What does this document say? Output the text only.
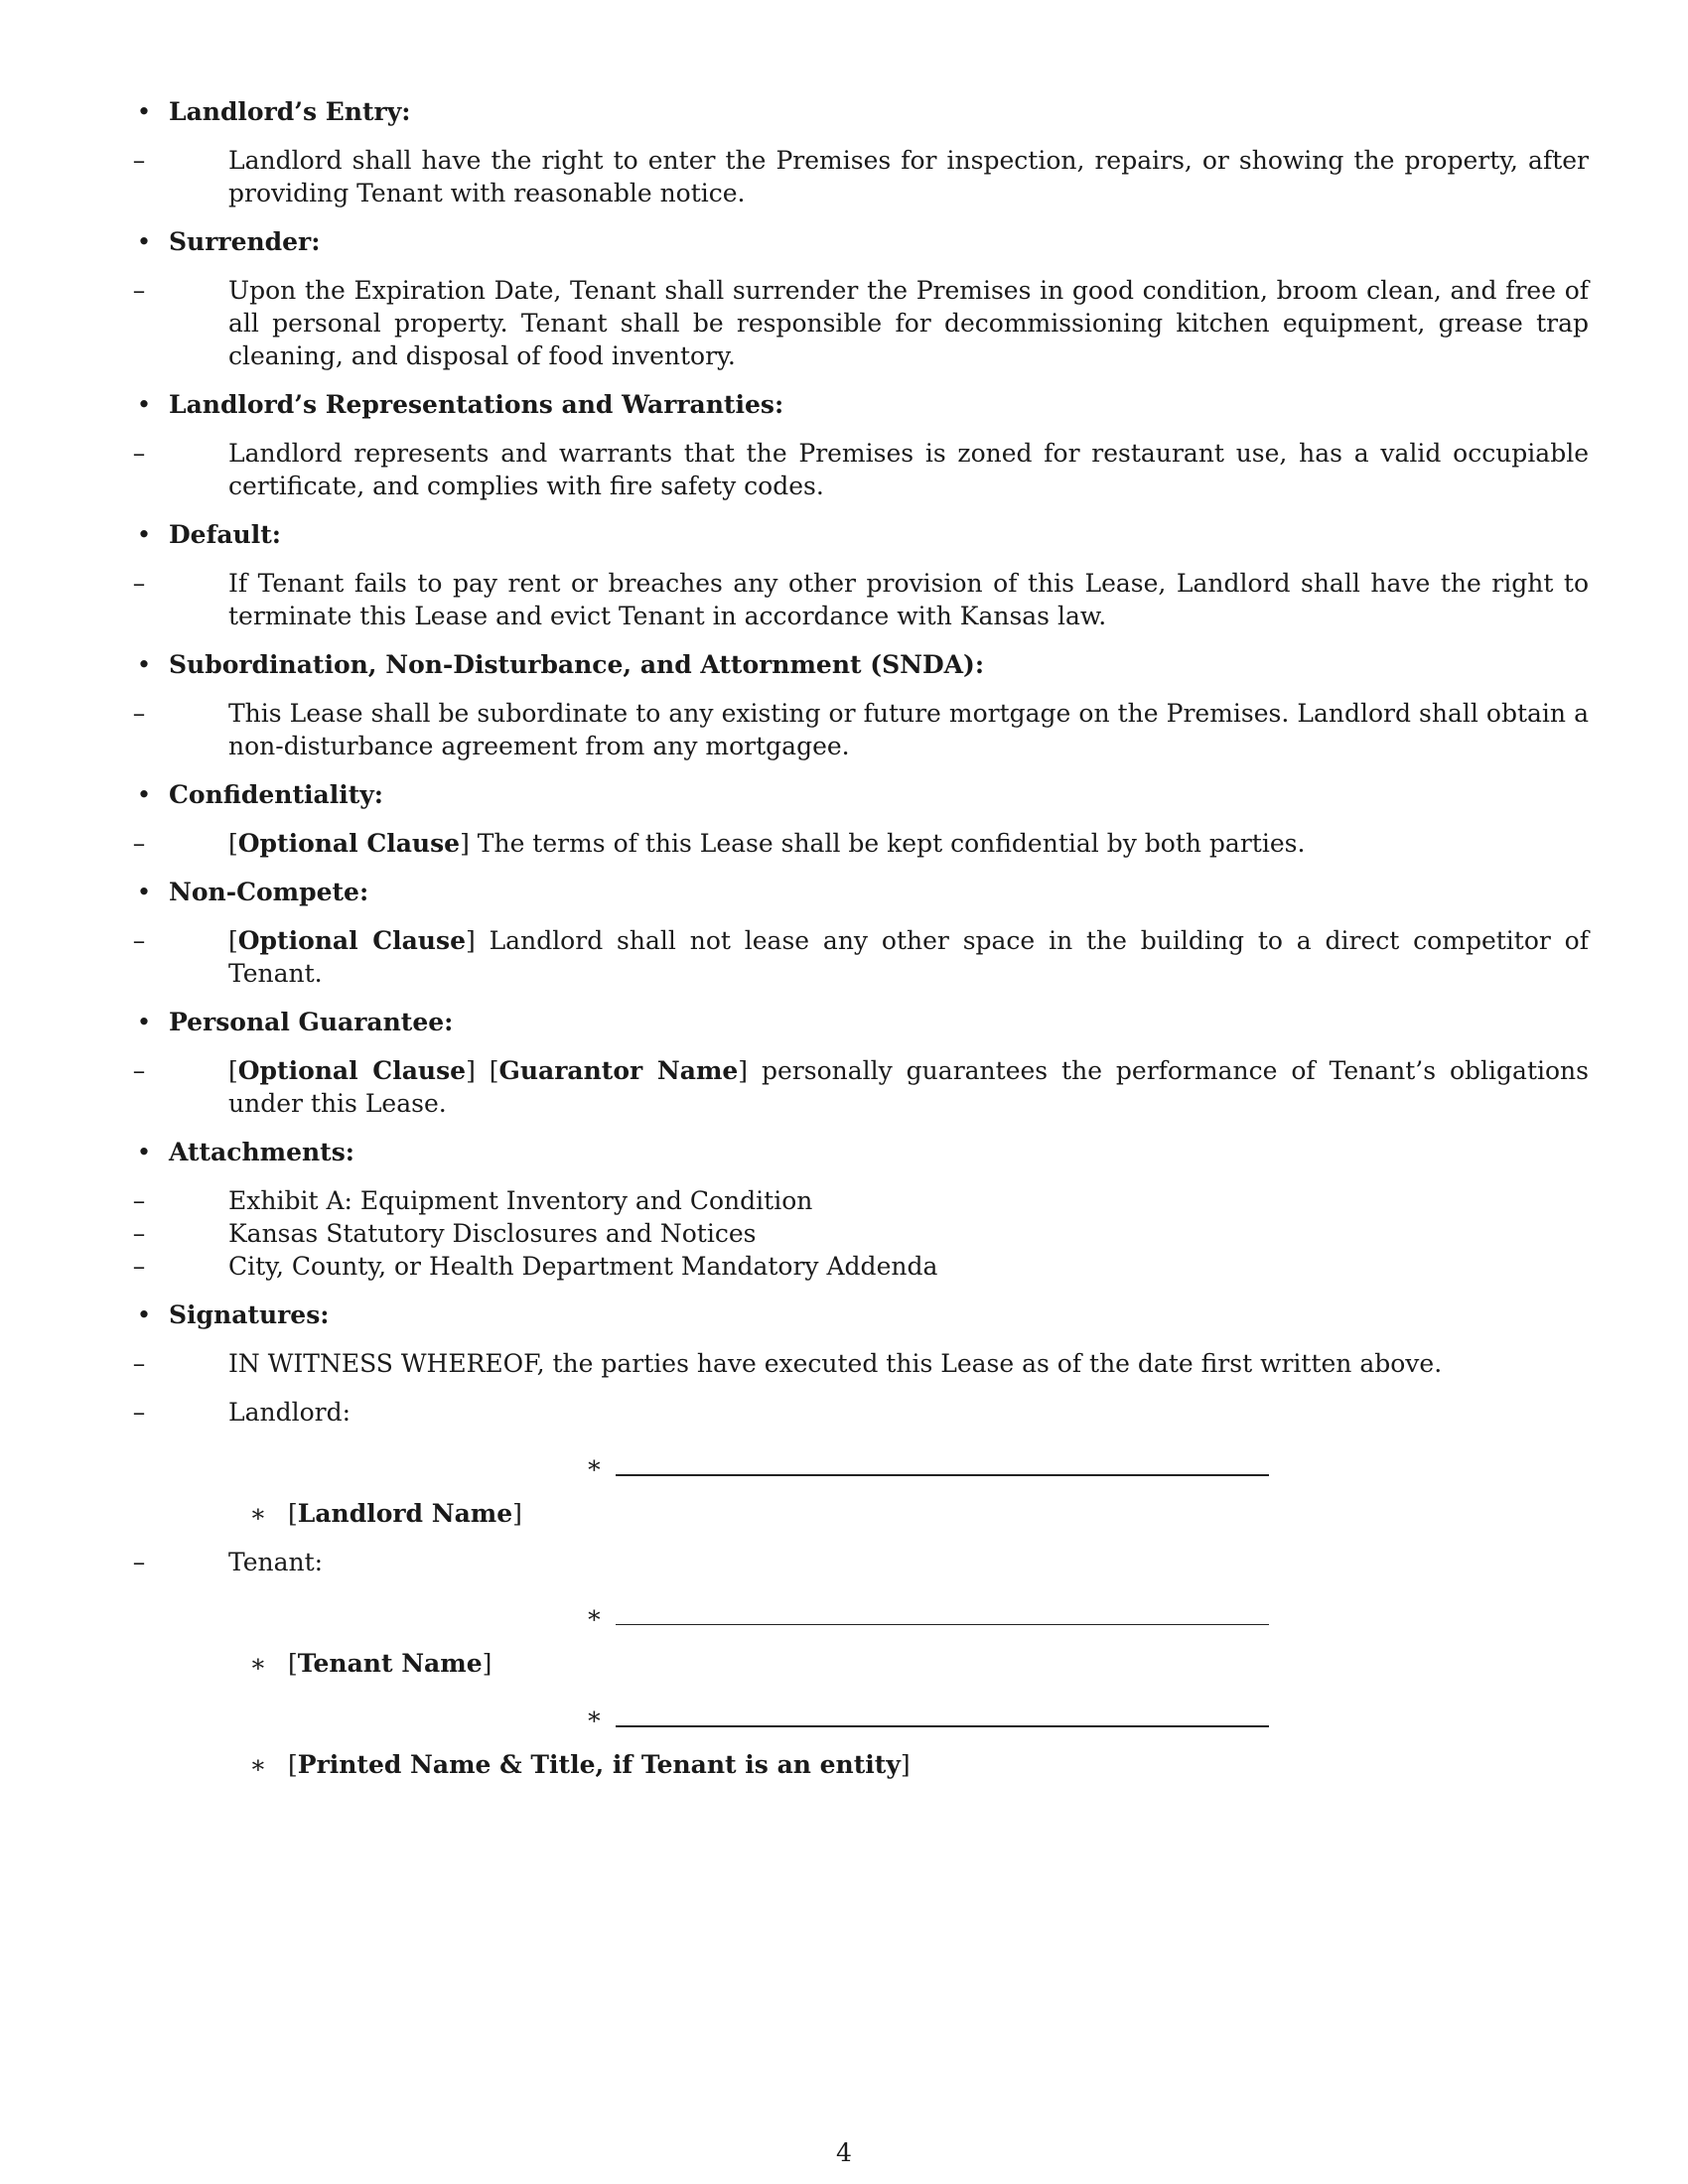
• Landlord’s Entry:
–	Landlord shall have the right to enter the Premises for inspection, repairs, or showing the property, after providing Tenant with reasonable notice.
• Surrender:
–	Upon the Expiration Date, Tenant shall surrender the Premises in good condition, broom clean, and free of all personal property. Tenant shall be responsible for decommissioning kitchen equipment, grease trap cleaning, and disposal of food inventory.
• Landlord’s Representations and Warranties:
–	Landlord represents and warrants that the Premises is zoned for restaurant use, has a valid occupiable certificate, and complies with fire safety codes.
• Default:
–	If Tenant fails to pay rent or breaches any other provision of this Lease, Landlord shall have the right to terminate this Lease and evict Tenant in accordance with Kansas law.
• Subordination, Non-Disturbance, and Attornment (SNDA):
–	This Lease shall be subordinate to any existing or future mortgage on the Premises. Landlord shall obtain a non-disturbance agreement from any mortgagee.
• Confidentiality:
–	[Optional Clause] The terms of this Lease shall be kept confidential by both parties.
• Non-Compete:
–	[Optional Clause] Landlord shall not lease any other space in the building to a direct competitor of Tenant.
• Personal Guarantee:
–	[Optional Clause] [Guarantor Name] personally guarantees the performance of Tenant’s obligations under this Lease.
• Attachments:
–	Exhibit A: Equipment Inventory and Condition
–	Kansas Statutory Disclosures and Notices
–	City, County, or Health Department Mandatory Addenda
• Signatures:
–	IN WITNESS WHEREOF, the parties have executed this Lease as of the date first written above.
–	Landlord:
∗
∗ [Landlord Name]
–	Tenant:
∗
∗ [Tenant Name]
∗
∗ [Printed Name & Title, if Tenant is an entity]
4
